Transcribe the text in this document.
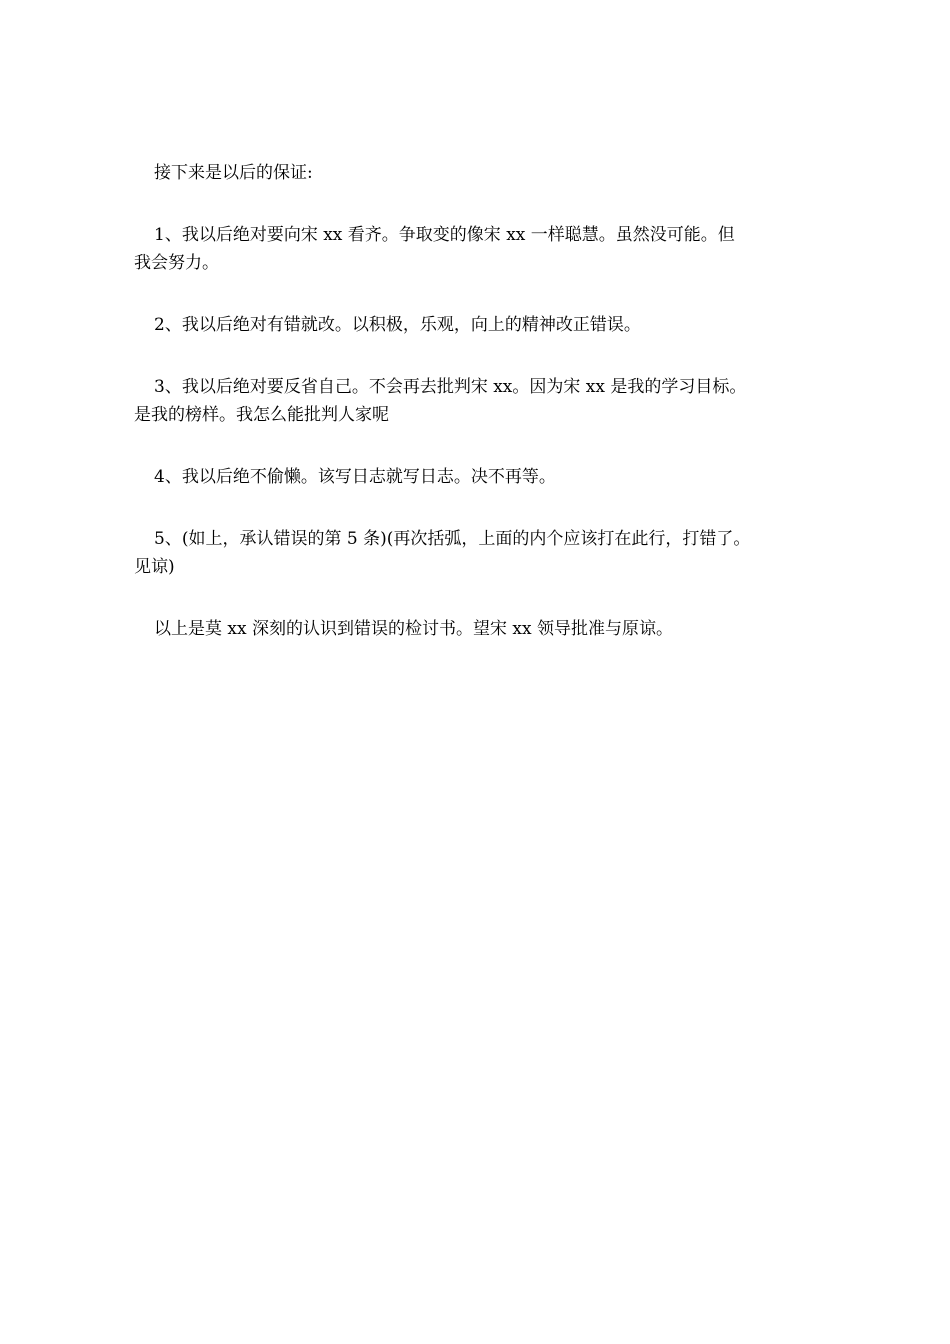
接下来是以后的保证:

1、我以后绝对要向宋 xx 看齐。争取变的像宋 xx 一样聪慧。虽然没可能。但
我会努力。

2、我以后绝对有错就改。以积极，乐观，向上的精神改正错误。

3、我以后绝对要反省自己。不会再去批判宋 xx。因为宋 xx 是我的学习目标。
是我的榜样。我怎么能批判人家呢

4、我以后绝不偷懒。该写日志就写日志。决不再等。

5、(如上，承认错误的第 5 条)(再次括弧，上面的内个应该打在此行，打错了。
见谅)

以上是莫 xx 深刻的认识到错误的检讨书。望宋 xx 领导批准与原谅。
